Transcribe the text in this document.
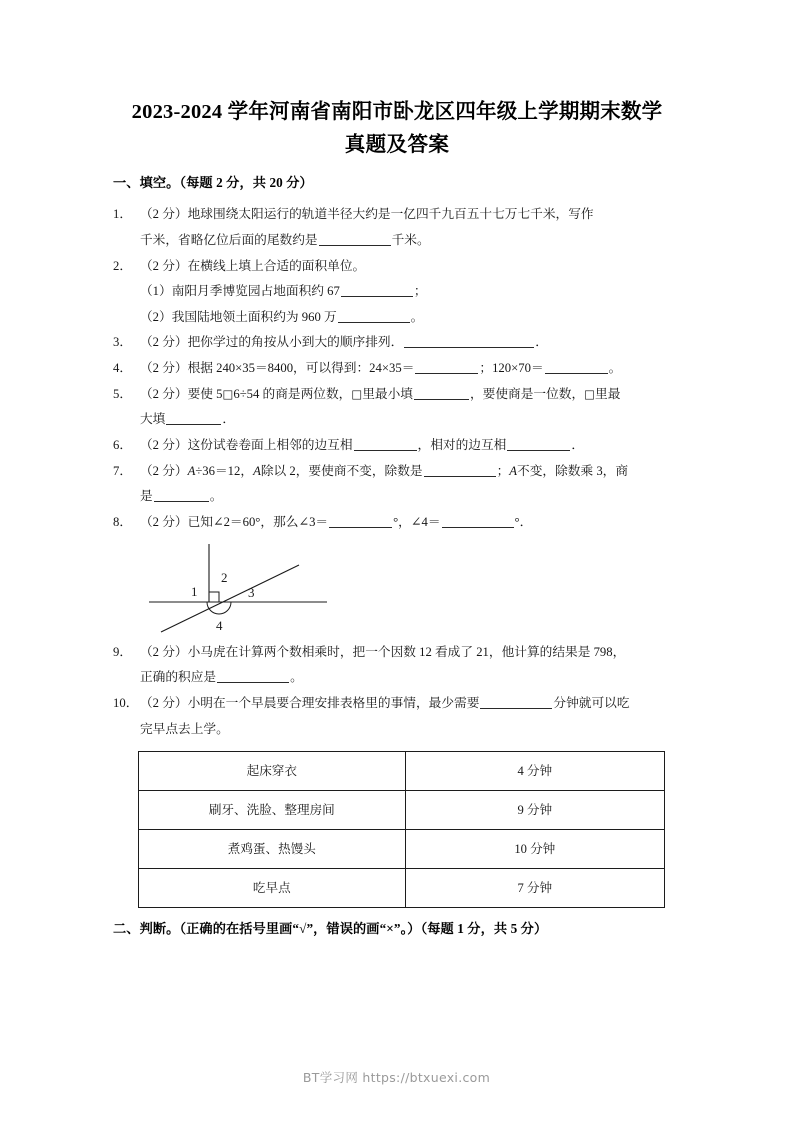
2023-2024 学年河南省南阳市卧龙区四年级上学期期末数学
真题及答案
一、填空。（每题 2 分，共 20 分）
1． （2 分）地球围绕太阳运行的轨道半径大约是一亿四千九百五十七万七千米，写作
千米，省略亿位后面的尾数约是	千米。
2． （2 分）在横线上填上合适的面积单位。
（1）南阳月季博览园占地面积约 67	；
（2）我国陆地领土面积约为 960 万	。
3． （2 分）把你学过的角按从小到大的顺序排列．	．
4． （2 分）根据 240×35＝8400，可以得到：24×35＝	；120×70＝	。
5． （2 分）要使 5□6÷54 的商是两位数，□里最小填	，要使商是一位数，□里最
大填	．
6． （2 分）这份试卷卷面上相邻的边互相	，相对的边互相	．
7． （2 分）A÷36＝12，A除以 2，要使商不变，除数是	；A不变，除数乘 3，商
是	。
8． （2 分）已知∠2＝60°，那么∠3＝	°，∠4＝	°．
1
2
3
4
9． （2 分）小马虎在计算两个数相乘时，把一个因数 12 看成了 21，他计算的结果是 798，
正确的积应是	。
10． （2 分）小明在一个早晨要合理安排表格里的事情，最少需要	分钟就可以吃
完早点去上学。
起床穿衣	4 分钟
刷牙、洗脸、整理房间	9 分钟
煮鸡蛋、热馒头	10 分钟
吃早点	7 分钟
二、判断。（正确的在括号里画“√”，错误的画“×”。）（每题 1 分，共 5 分）
BT学习网 https://btxuexi.com
